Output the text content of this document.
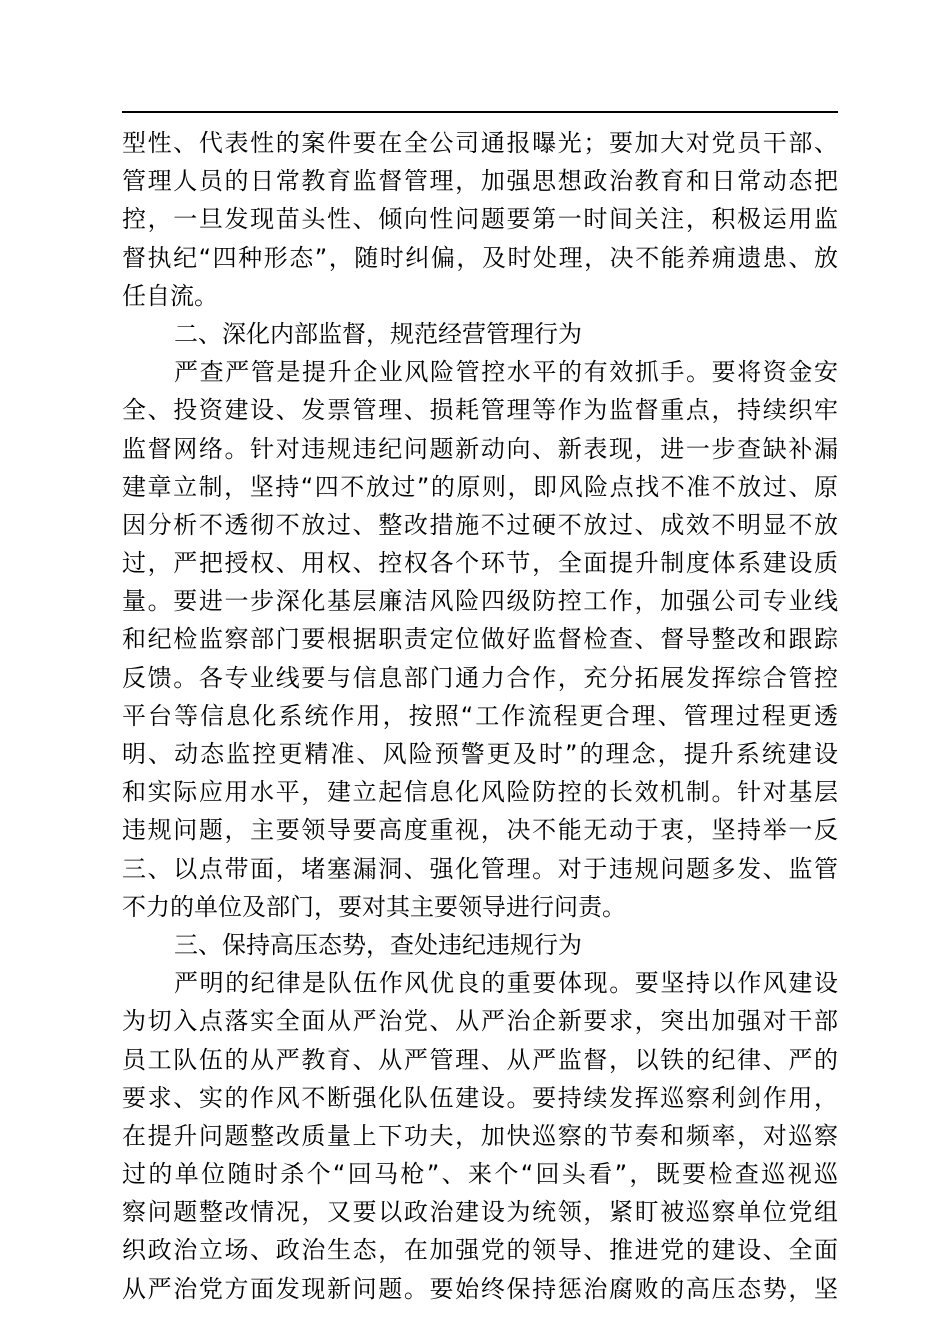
型性、代表性的案件要在全公司通报曝光；要加大对党员干部、
管理人员的日常教育监督管理，加强思想政治教育和日常动态把
控，一旦发现苗头性、倾向性问题要第一时间关注，积极运用监
督执纪“四种形态”，随时纠偏，及时处理，决不能养痈遗患、放
任自流。
二、深化内部监督，规范经营管理行为
严查严管是提升企业风险管控水平的有效抓手。要将资金安
全、投资建设、发票管理、损耗管理等作为监督重点，持续织牢
监督网络。针对违规违纪问题新动向、新表现，进一步查缺补漏
建章立制，坚持“四不放过”的原则，即风险点找不准不放过、原
因分析不透彻不放过、整改措施不过硬不放过、成效不明显不放
过，严把授权、用权、控权各个环节，全面提升制度体系建设质
量。要进一步深化基层廉洁风险四级防控工作，加强公司专业线
和纪检监察部门要根据职责定位做好监督检查、督导整改和跟踪
反馈。各专业线要与信息部门通力合作，充分拓展发挥综合管控
平台等信息化系统作用，按照“工作流程更合理、管理过程更透
明、动态监控更精准、风险预警更及时”的理念，提升系统建设
和实际应用水平，建立起信息化风险防控的长效机制。针对基层
违规问题，主要领导要高度重视，决不能无动于衷，坚持举一反
三、以点带面，堵塞漏洞、强化管理。对于违规问题多发、监管
不力的单位及部门，要对其主要领导进行问责。
三、保持高压态势，查处违纪违规行为
严明的纪律是队伍作风优良的重要体现。要坚持以作风建设
为切入点落实全面从严治党、从严治企新要求，突出加强对干部
员工队伍的从严教育、从严管理、从严监督，以铁的纪律、严的
要求、实的作风不断强化队伍建设。要持续发挥巡察利剑作用，
在提升问题整改质量上下功夫，加快巡察的节奏和频率，对巡察
过的单位随时杀个“回马枪”、来个“回头看”，既要检查巡视巡
察问题整改情况，又要以政治建设为统领，紧盯被巡察单位党组
织政治立场、政治生态，在加强党的领导、推进党的建设、全面
从严治党方面发现新问题。要始终保持惩治腐败的高压态势，坚
